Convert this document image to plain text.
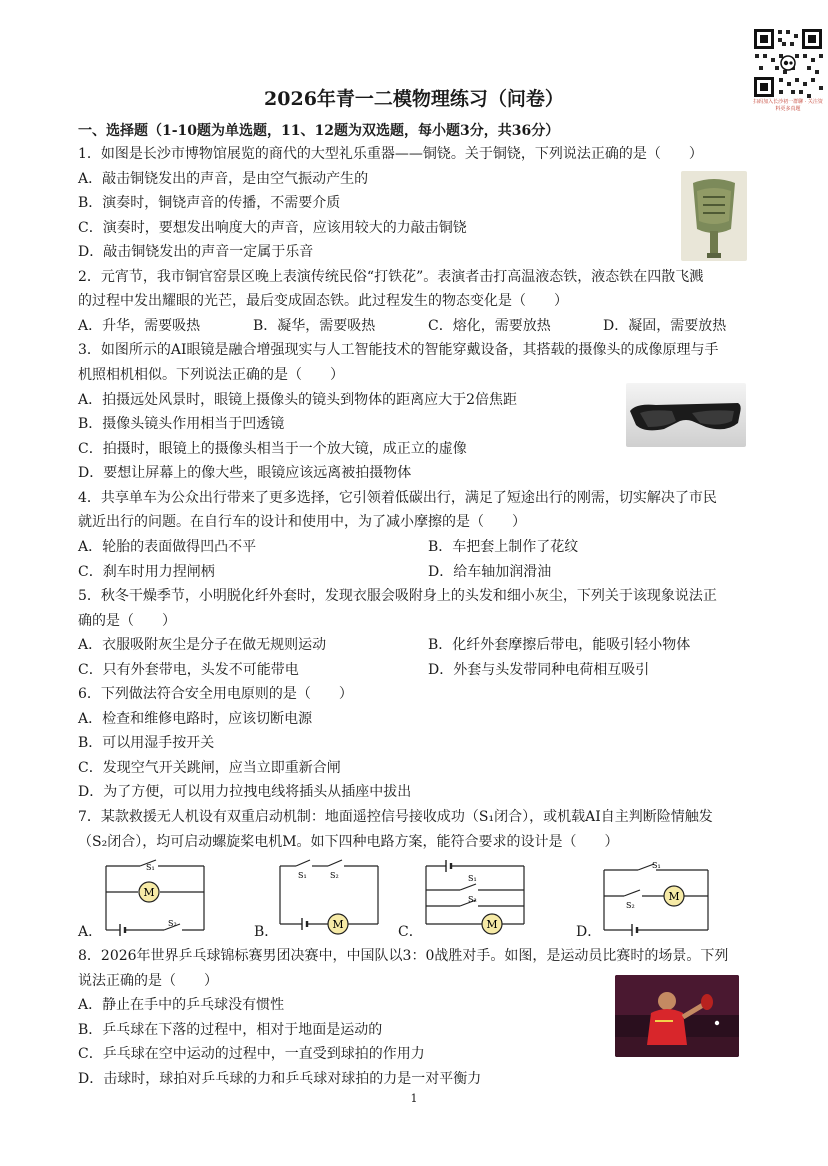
扫码加入长沙初一群聊 · 关注资料更多真题
2026年青一二模物理练习（问卷）
一、选择题（1-10题为单选题，11、12题为双选题，每小题3分，共36分）
1．如图是长沙市博物馆展览的商代的大型礼乐重器——铜铙。关于铜铙，下列说法正确的是（　　）
A．敲击铜铙发出的声音，是由空气振动产生的
B．演奏时，铜铙声音的传播，不需要介质
C．演奏时，要想发出响度大的声音，应该用较大的力敲击铜铙
D．敲击铜铙发出的声音一定属于乐音
2．元宵节，我市铜官窑景区晚上表演传统民俗“打铁花”。表演者击打高温液态铁，液态铁在四散飞溅
的过程中发出耀眼的光芒，最后变成固态铁。此过程发生的物态变化是（　　）
A．升华，需要吸热	B．凝华，需要吸热	C．熔化，需要放热	D．凝固，需要放热
3．如图所示的AI眼镜是融合增强现实与人工智能技术的智能穿戴设备，其搭载的摄像头的成像原理与手
机照相机相似。下列说法正确的是（　　）
A．拍摄远处风景时，眼镜上摄像头的镜头到物体的距离应大于2倍焦距
B．摄像头镜头作用相当于凹透镜
C．拍摄时，眼镜上的摄像头相当于一个放大镜，成正立的虚像
D．要想让屏幕上的像大些，眼镜应该远离被拍摄物体
4．共享单车为公众出行带来了更多选择，它引领着低碳出行，满足了短途出行的刚需，切实解决了市民
就近出行的问题。在自行车的设计和使用中，为了减小摩擦的是（　　）
A．轮胎的表面做得凹凸不平	B．车把套上制作了花纹
C．刹车时用力捏闸柄	D．给车轴加润滑油
5．秋冬干燥季节，小明脱化纤外套时，发现衣服会吸附身上的头发和细小灰尘，下列关于该现象说法正
确的是（　　）
A．衣服吸附灰尘是分子在做无规则运动	B．化纤外套摩擦后带电，能吸引轻小物体
C．只有外套带电，头发不可能带电	D．外套与头发带同种电荷相互吸引
6．下列做法符合安全用电原则的是（　　）
A．检查和维修电路时，应该切断电源
B．可以用湿手按开关
C．发现空气开关跳闸，应当立即重新合闸
D．为了方便，可以用力拉拽电线将插头从插座中拔出
7．某款救援无人机设有双重启动机制：地面遥控信号接收成功（S₁闭合），或机载AI自主判断险情触发
（S₂闭合），均可启动螺旋桨电机M。如下四种电路方案，能符合要求的设计是（　　）
A．
M
S₁
S₂
B．	M
S₁	S₂
C．	M
S₁
S₂
D．
M
S₁
S₂
8．2026年世界乒乓球锦标赛男团决赛中，中国队以3：0战胜对手。如图，是运动员比赛时的场景。下列
说法正确的是（　　）
A．静止在手中的乒乓球没有惯性
B．乒乓球在下落的过程中，相对于地面是运动的
C．乒乓球在空中运动的过程中，一直受到球拍的作用力
D．击球时，球拍对乒乓球的力和乒乓球对球拍的力是一对平衡力
1
